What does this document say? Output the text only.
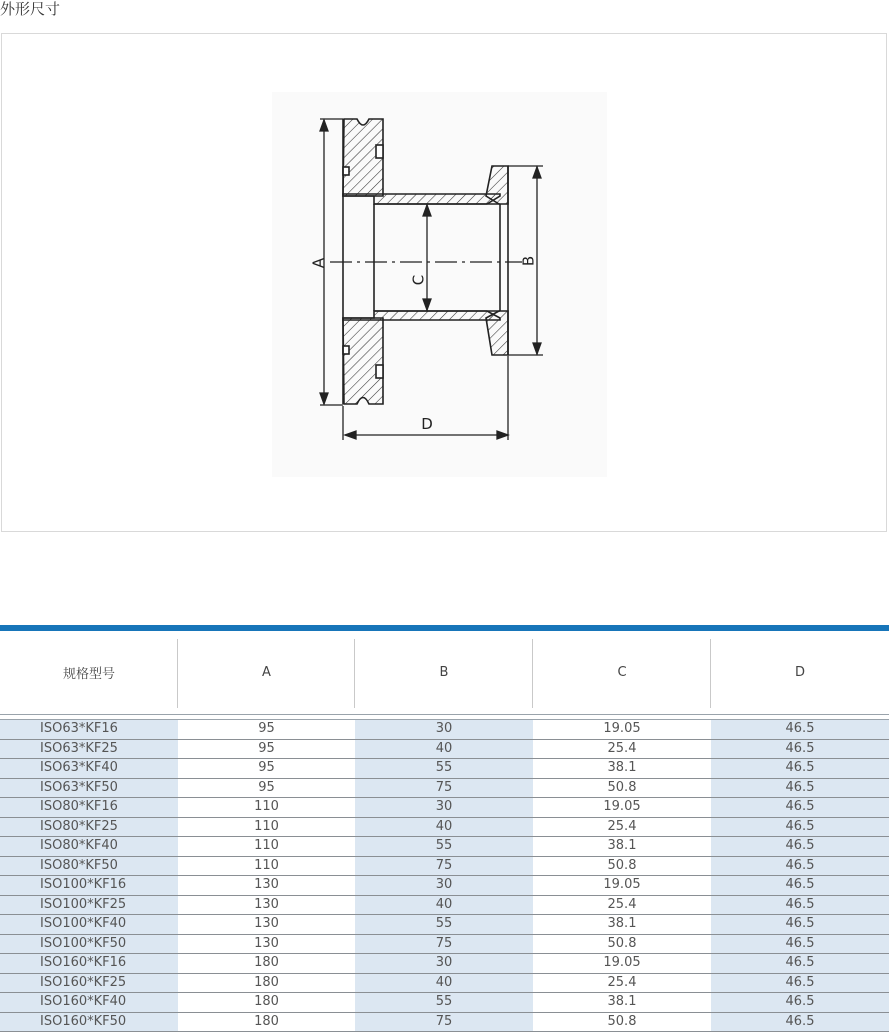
外形尺寸
A	B
C
D
规格型号	A	B	C	D

ISO63*KF16	95	30	19.05	46.5
ISO63*KF25	95	40	25.4	46.5
ISO63*KF40	95	55	38.1	46.5
ISO63*KF50	95	75	50.8	46.5
ISO80*KF16	110	30	19.05	46.5
ISO80*KF25	110	40	25.4	46.5
ISO80*KF40	110	55	38.1	46.5
ISO80*KF50	110	75	50.8	46.5
ISO100*KF16	130	30	19.05	46.5
ISO100*KF25	130	40	25.4	46.5
ISO100*KF40	130	55	38.1	46.5
ISO100*KF50	130	75	50.8	46.5
ISO160*KF16	180	30	19.05	46.5
ISO160*KF25	180	40	25.4	46.5
ISO160*KF40	180	55	38.1	46.5
ISO160*KF50	180	75	50.8	46.5
